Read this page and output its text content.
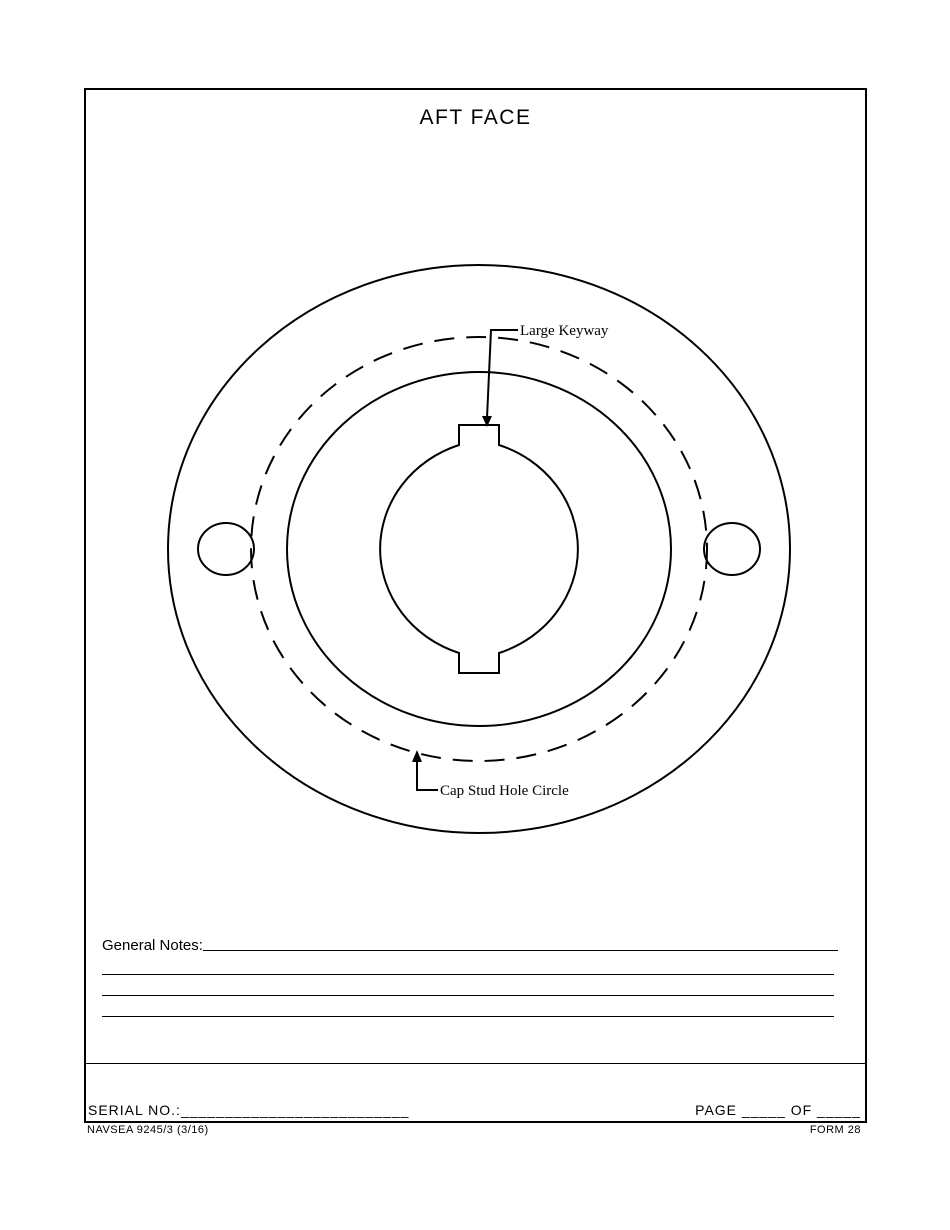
AFT FACE
Large Keyway
Cap Stud Hole Circle
General Notes:
SERIAL NO.:__________________________	PAGE _____ OF _____
NAVSEA 9245/3 (3/16)	FORM 28
